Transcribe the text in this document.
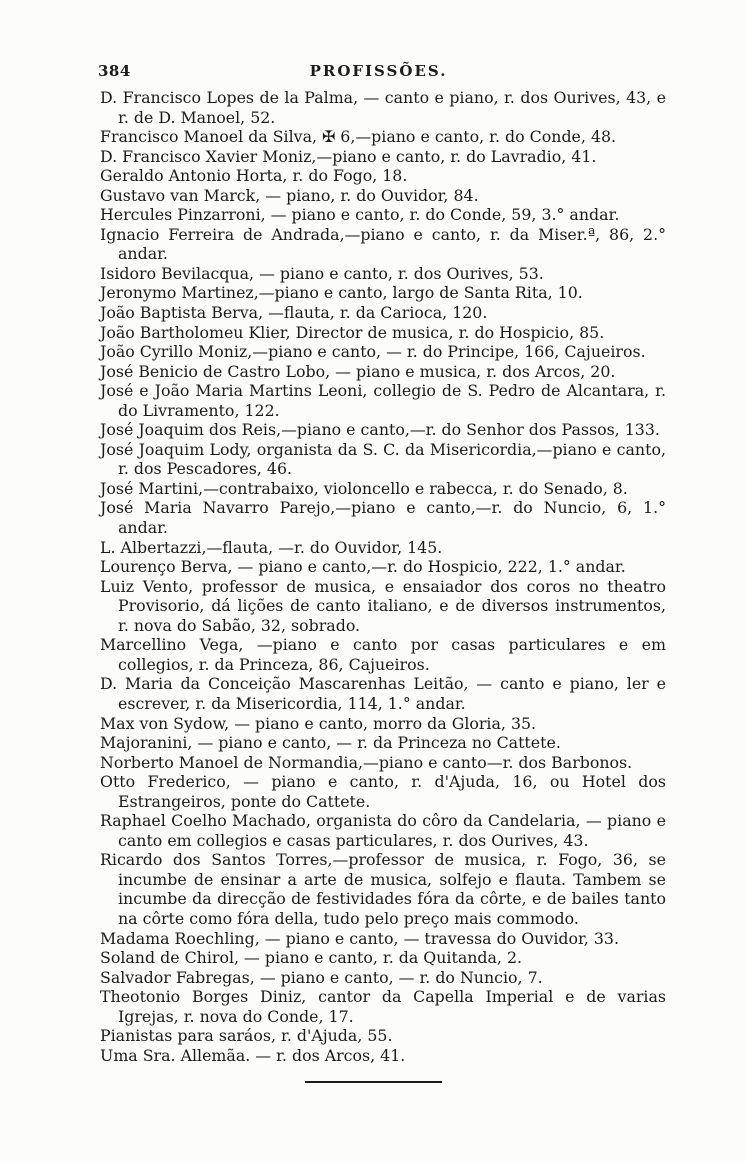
384	PROFISSÕES.
D. Francisco Lopes de la Palma, — canto e piano, r. dos Ourives, 43, e r. de D. Manoel, 52.
Francisco Manoel da Silva, ✠ 6,—piano e canto, r. do Conde, 48.
D. Francisco Xavier Moniz,—piano e canto, r. do Lavradio, 41.
Geraldo Antonio Horta, r. do Fogo, 18.
Gustavo van Marck, — piano, r. do Ouvidor, 84.
Hercules Pinzarroni, — piano e canto, r. do Conde, 59, 3.° andar.
Ignacio Ferreira de Andrada,—piano e canto, r. da Miser.ª, 86, 2.° andar.
Isidoro Bevilacqua, — piano e canto, r. dos Ourives, 53.
Jeronymo Martinez,—piano e canto, largo de Santa Rita, 10.
João Baptista Berva, —flauta, r. da Carioca, 120.
João Bartholomeu Klier, Director de musica, r. do Hospicio, 85.
João Cyrillo Moniz,—piano e canto, — r. do Principe, 166, Cajueiros.
José Benicio de Castro Lobo, — piano e musica, r. dos Arcos, 20.
José e João Maria Martins Leoni, collegio de S. Pedro de Alcantara, r. do Livramento, 122.
José Joaquim dos Reis,—piano e canto,—r. do Senhor dos Passos, 133.
José Joaquim Lody, organista da S. C. da Misericordia,—piano e canto, r. dos Pescadores, 46.
José Martini,—contrabaixo, violoncello e rabecca, r. do Senado, 8.
José Maria Navarro Parejo,—piano e canto,—r. do Nuncio, 6, 1.° andar.
L. Albertazzi,—flauta, —r. do Ouvidor, 145.
Lourenço Berva, — piano e canto,—r. do Hospicio, 222, 1.° andar.
Luiz Vento, professor de musica, e ensaiador dos coros no theatro Provisorio, dá lições de canto italiano, e de diversos instrumentos, r. nova do Sabão, 32, sobrado.
Marcellino Vega, —piano e canto por casas particulares e em collegios, r. da Princeza, 86, Cajueiros.
D. Maria da Conceição Mascarenhas Leitão, — canto e piano, ler e escrever, r. da Misericordia, 114, 1.° andar.
Max von Sydow, — piano e canto, morro da Gloria, 35.
Majoranini, — piano e canto, — r. da Princeza no Cattete.
Norberto Manoel de Normandia,—piano e canto—r. dos Barbonos.
Otto Frederico, — piano e canto, r. d'Ajuda, 16, ou Hotel dos Estrangeiros, ponte do Cattete.
Raphael Coelho Machado, organista do côro da Candelaria, — piano e canto em collegios e casas particulares, r. dos Ourives, 43.
Ricardo dos Santos Torres,—professor de musica, r. Fogo, 36, se incumbe de ensinar a arte de musica, solfejo e flauta. Tambem se incumbe da direcção de festividades fóra da côrte, e de bailes tanto na côrte como fóra della, tudo pelo preço mais commodo.
Madama Roechling, — piano e canto, — travessa do Ouvidor, 33.
Soland de Chirol, — piano e canto, r. da Quitanda, 2.
Salvador Fabregas, — piano e canto, — r. do Nuncio, 7.
Theotonio Borges Diniz, cantor da Capella Imperial e de varias Igrejas, r. nova do Conde, 17.
Pianistas para saráos, r. d'Ajuda, 55.
Uma Sra. Allemãa. — r. dos Arcos, 41.
